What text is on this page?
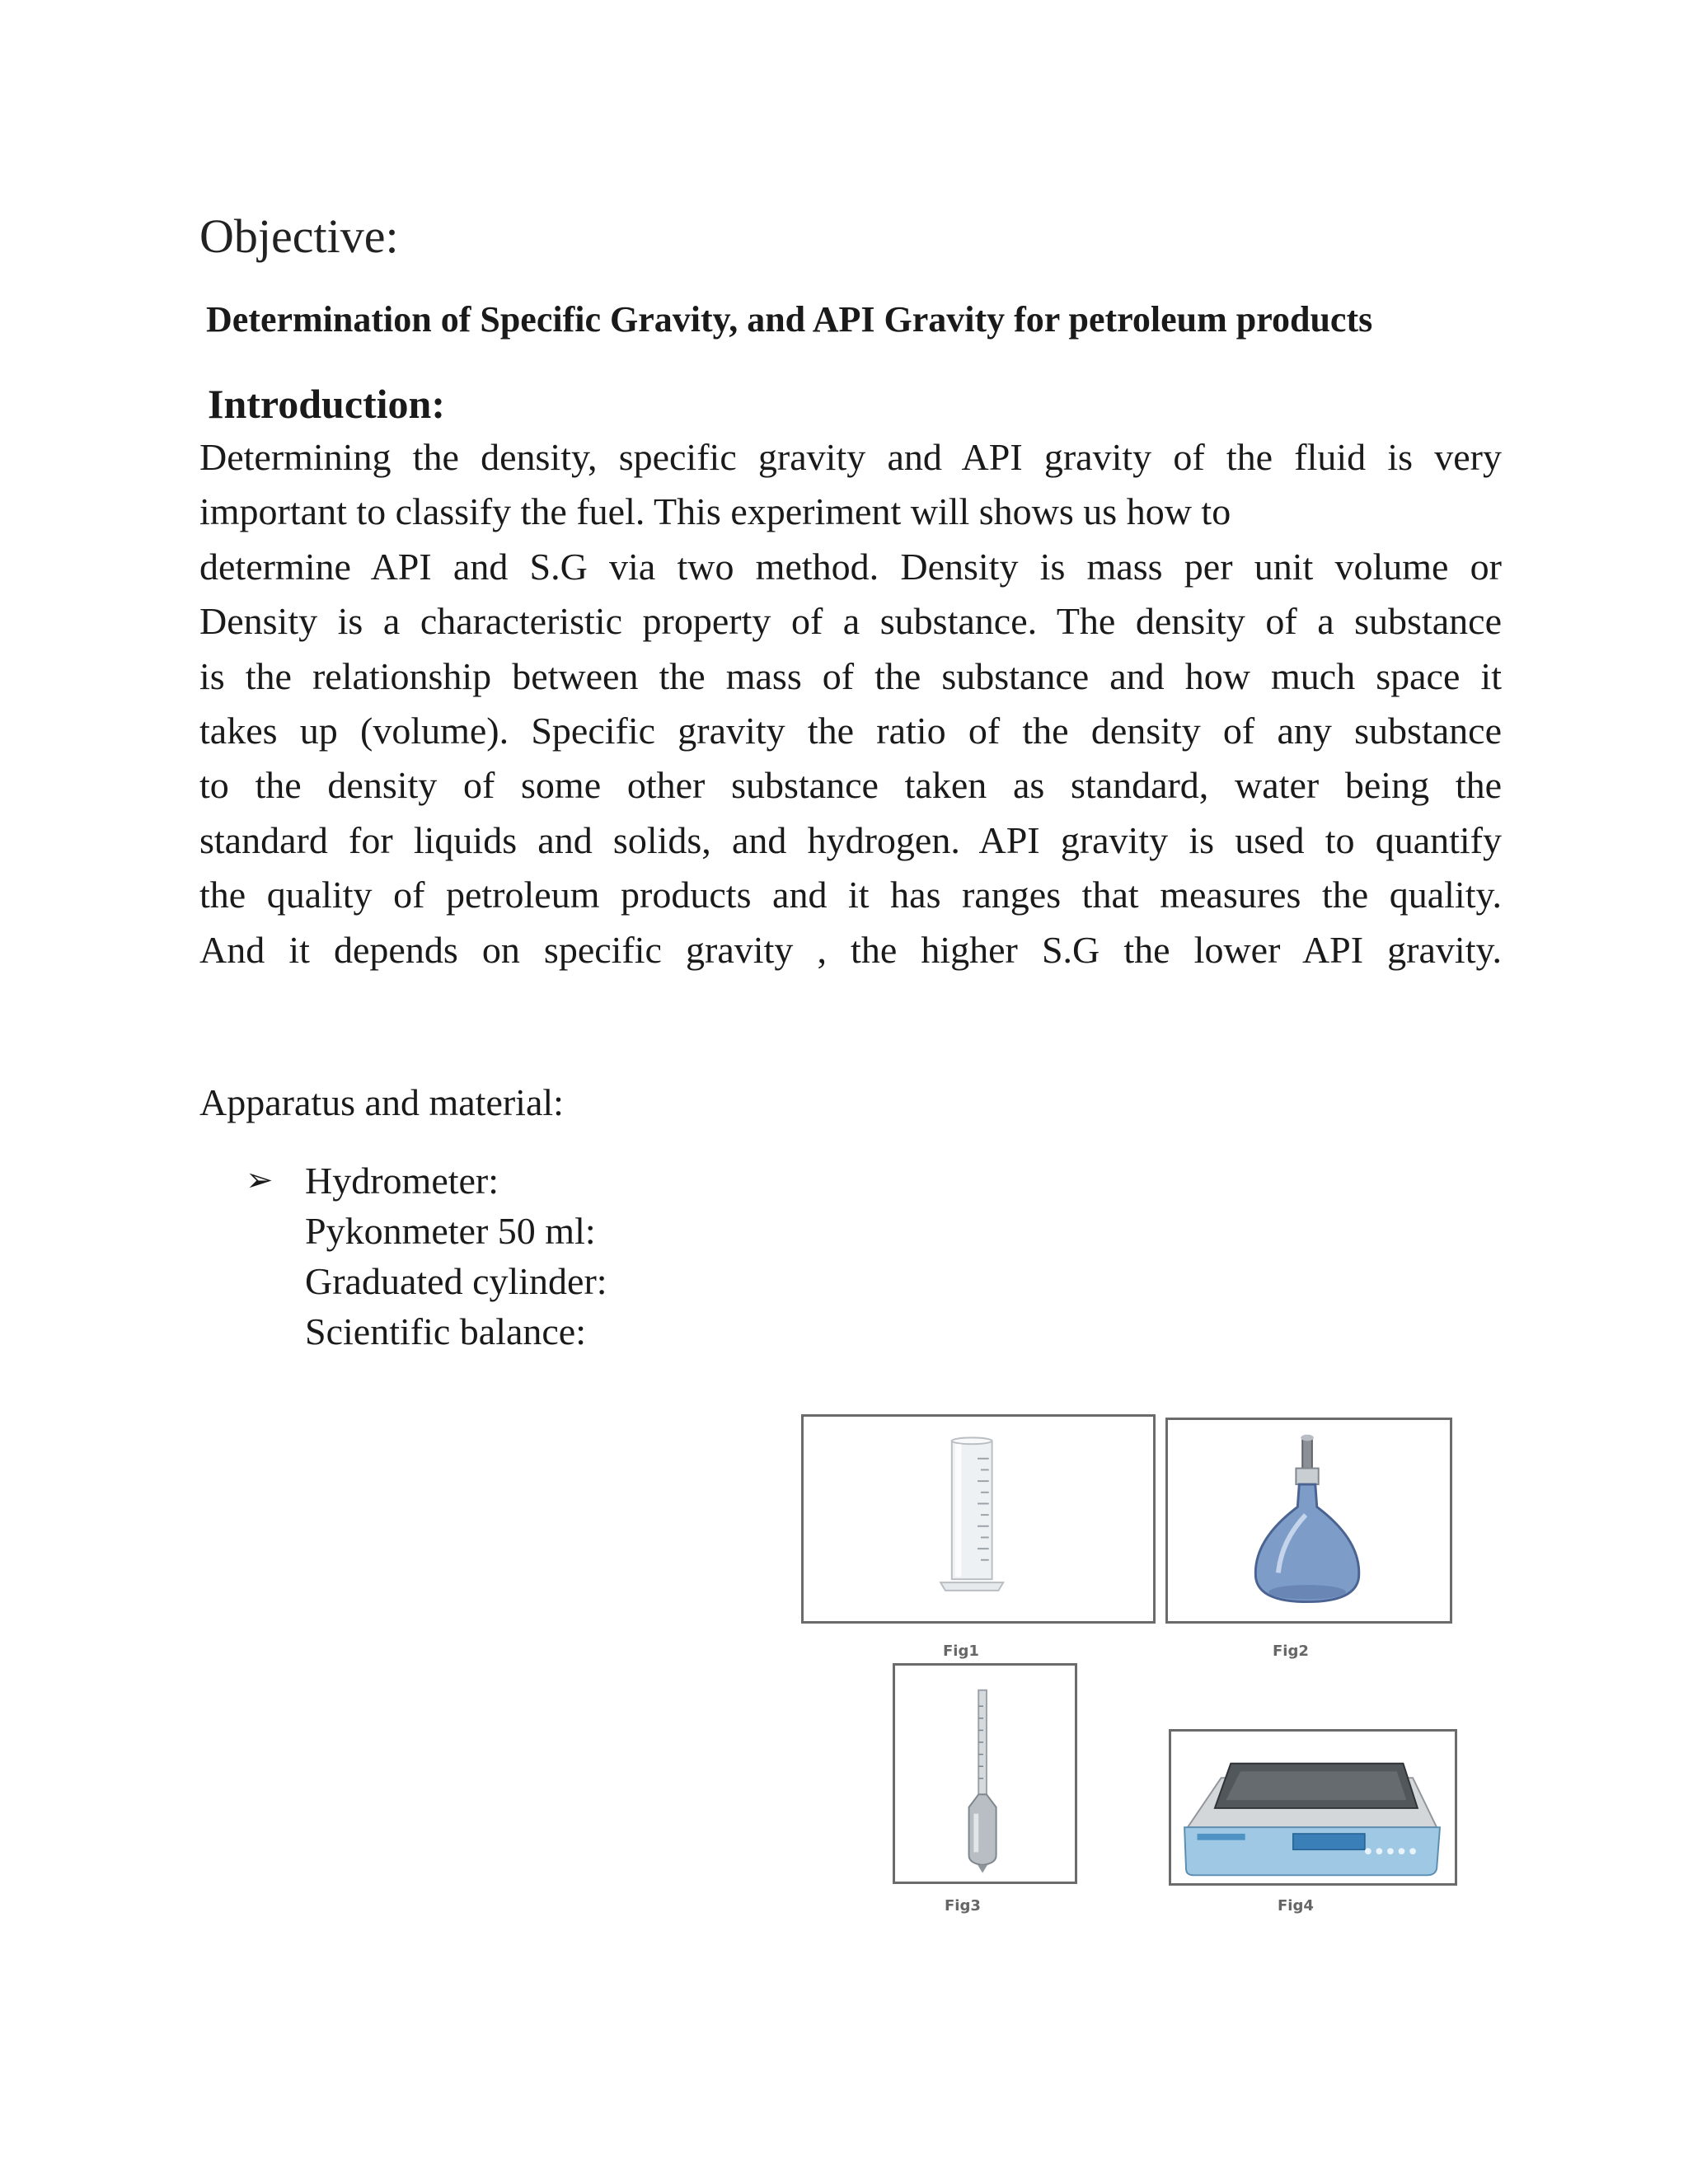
Objective:
Determination of Specific Gravity, and API Gravity for petroleum products
Introduction:
Determining the density, specific gravity and API gravity of the fluid is very
important to classify the fuel. This experiment will shows us how to
determine API and S.G via two method. Density is mass per unit volume or
Density is a characteristic property of a substance. The density of a substance
is the relationship between the mass of the substance and how much space it
takes up (volume). Specific gravity the ratio of the density of any substance
to the density of some other substance taken as standard, water being the
standard for liquids and solids, and hydrogen. API gravity is used to quantify
the quality of petroleum products and it has ranges that measures the quality.
And it depends on specific gravity , the higher S.G the lower API gravity.
Apparatus and material:
➢ Hydrometer:
Pykonmeter 50 ml:
Graduated cylinder:
Scientific balance:
Fig1	Fig2
Fig3	Fig4
